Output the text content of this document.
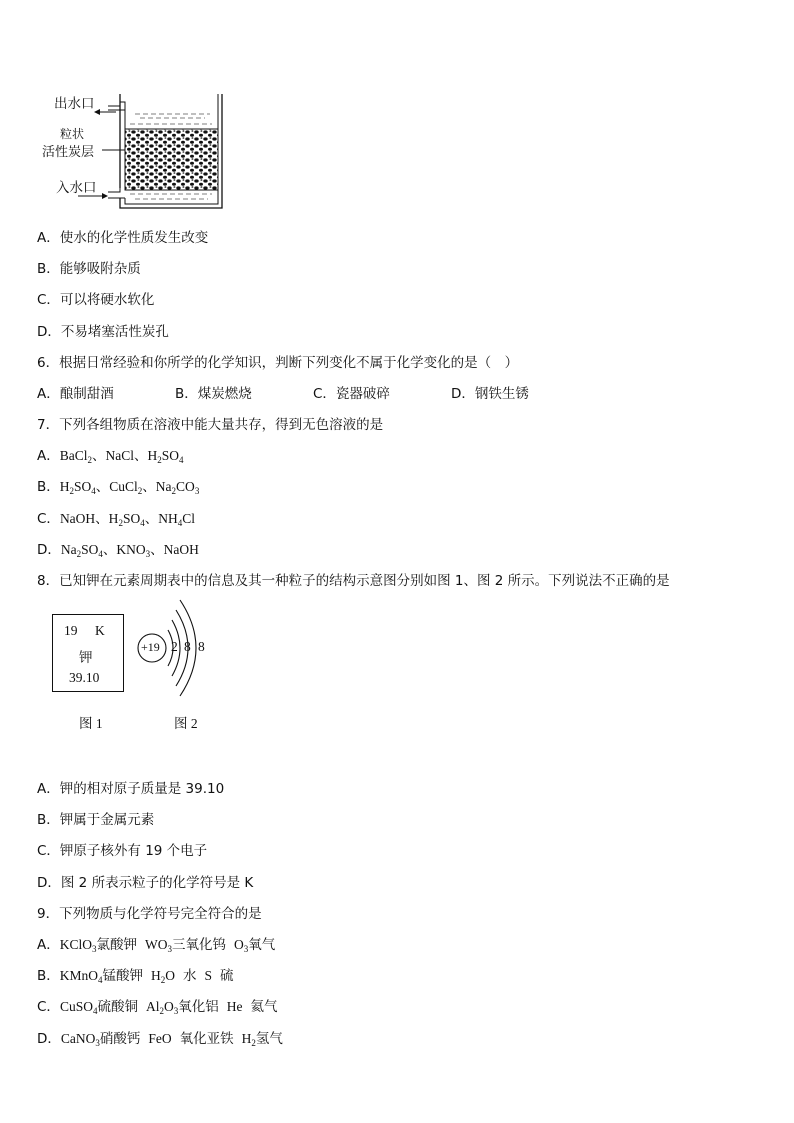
出水口
粒状
活性炭层
入水口
A．使水的化学性质发生改变
B．能够吸附杂质
C．可以将硬水软化
D．不易堵塞活性炭孔
6．根据日常经验和你所学的化学知识，判断下列变化不属于化学变化的是（　）
A．酿制甜酒	B．煤炭燃烧	C．瓷器破碎	D．钢铁生锈
7．下列各组物质在溶液中能大量共存，得到无色溶液的是
A．BaCl$_2$、NaCl、$H_2SO_4$
B．$H_2SO_4$、CuCl$_2$、$Na_2CO_3$
C．NaOH、$H_2SO_4$、$NH_4Cl$
D．$Na_2SO_4$、$KNO_3$、NaOH
8．已知钾在元素周期表中的信息及其一种粒子的结构示意图分别如图 1、图 2 所示。下列说法不正确的是
19 K
钾
39.10
+19 2 8 8
图 1	图 2
A．钾的相对原子质量是 39.10
B．钾属于金属元素
C．钾原子核外有 19 个电子
D．图 2 所表示粒子的化学符号是 K
9．下列物质与化学符号完全符合的是
A．KClO$_3$氯酸钾 $WO_3$三氧化钨 $O_3$氧气
B．KMnO$_4$锰酸钾 $H_2O$ 水 S 硫
C．CuSO$_4$硫酸铜 $Al_2O_3$氧化铝 He 氦气
D．CaNO$_3$硝酸钙 FeO 氧化亚铁 $H_2$氢气
